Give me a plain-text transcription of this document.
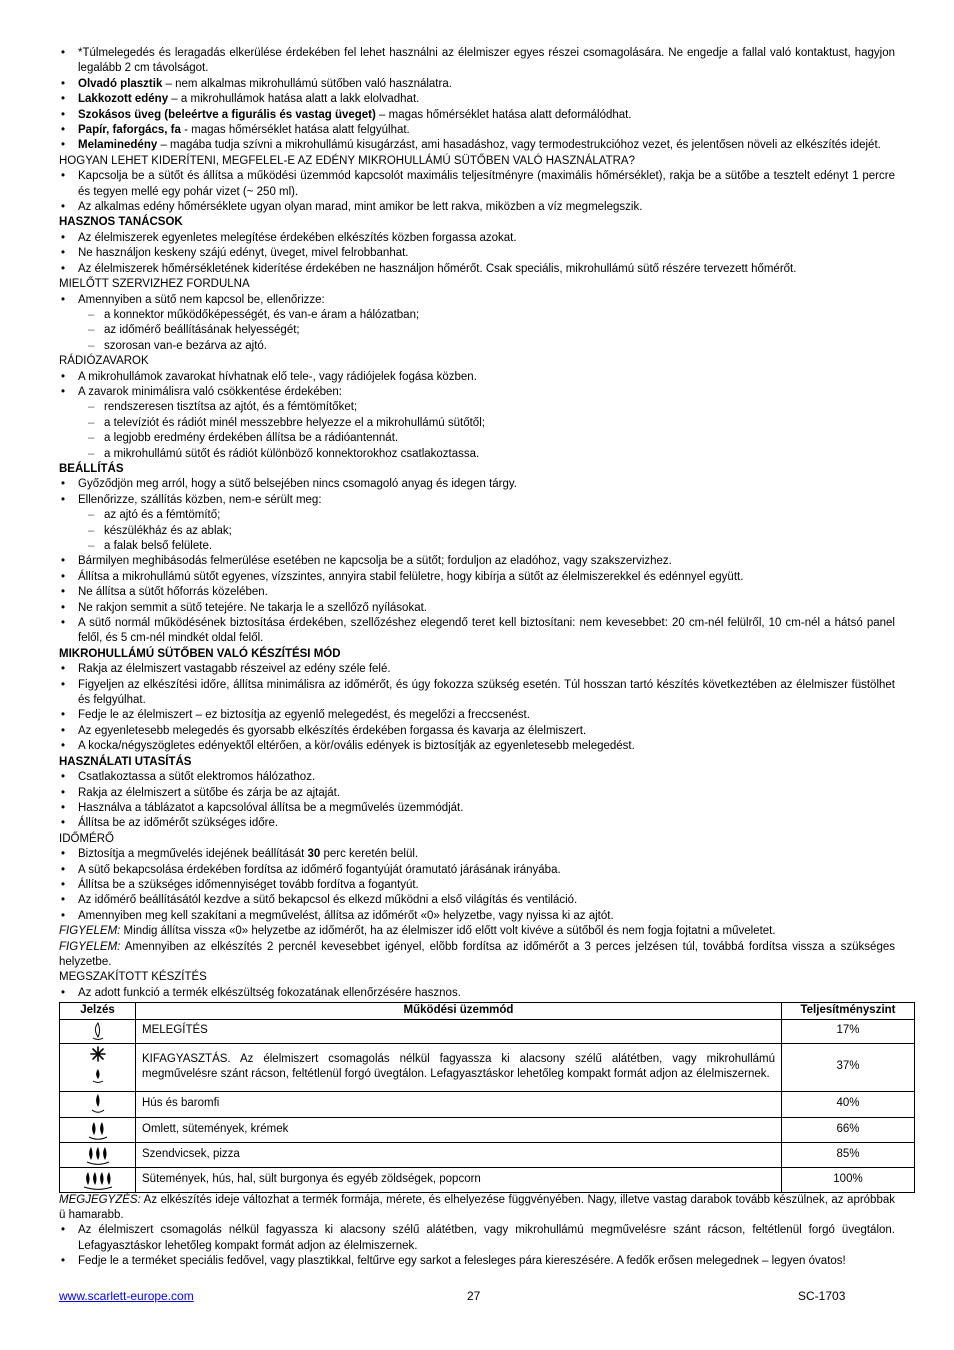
• *Túlmelegedés és leragadás elkerülése érdekében fel lehet használni az élelmiszer egyes részei csomagolására. Ne engedje a fallal való kontaktust, hagyjon legalább 2 cm távolságot.
• Olvadó plasztik – nem alkalmas mikrohullámú sütőben való használatra.
• Lakkozott edény – a mikrohullámok hatása alatt a lakk elolvadhat.
• Szokásos üveg (beleértve a figurális és vastag üveget) – magas hőmérséklet hatása alatt deformálódhat.
• Papír, faforgács, fa - magas hőmérséklet hatása alatt felgyúlhat.
• Melaminedény – magába tudja szívni a mikrohullámú kisugárzást, ami hasadáshoz, vagy termodestrukcióhoz vezet, és jelentősen növeli az elkészítés idejét.

HOGYAN LEHET KIDERÍTENI, MEGFELEL-E AZ EDÉNY MIKROHULLÁMÚ SÜTŐBEN VALÓ HASZNÁLATRA?

• Kapcsolja be a sütőt és állítsa a működési üzemmód kapcsolót maximális teljesítményre (maximális hőmérséklet), rakja be a sütőbe a tesztelt edényt 1 percre és tegyen mellé egy pohár vizet (~ 250 ml).
• Az alkalmas edény hőmérséklete ugyan olyan marad, mint amikor be lett rakva, miközben a víz megmelegszik.

HASZNOS TANÁCSOK

• Az élelmiszerek egyenletes melegítése érdekében elkészítés közben forgassa azokat.
• Ne használjon keskeny szájú edényt, üveget, mivel felrobbanhat.
• Az élelmiszerek hőmérsékletének kiderítése érdekében ne használjon hőmérőt. Csak speciális, mikrohullámú sütő részére tervezett hőmérőt.

MIELŐTT SZERVIZHEZ FORDULNA

• Amennyiben a sütő nem kapcsol be, ellenőrizze:
– a konnektor működőképességét, és van-e áram a hálózatban;
– az időmérő beállításának helyességét;
– szorosan van-e bezárva az ajtó.

RÁDIÓZAVAROK

• A mikrohullámok zavarokat hívhatnak elő tele-, vagy rádiójelek fogása közben.
• A zavarok minimálisra való csökkentése érdekében:
– rendszeresen tisztítsa az ajtót, és a fémtömítőket;
– a televíziót és rádiót minél messzebbre helyezze el a mikrohullámú sütőtől;
– a legjobb eredmény érdekében állítsa be a rádióantennát.
– a mikrohullámú sütőt és rádiót különböző konnektorokhoz csatlakoztassa.

BEÁLLÍTÁS

• Győződjön meg arról, hogy a sütő belsejében nincs csomagoló anyag és idegen tárgy.
• Ellenőrizze, szállítás közben, nem-e sérült meg:
– az ajtó és a fémtömítő;
– készülékház és az ablak;
– a falak belső felülete.
• Bármilyen meghibásodás felmerülése esetében ne kapcsolja be a sütőt; forduljon az eladóhoz, vagy szakszervizhez.
• Állítsa a mikrohullámú sütőt egyenes, vízszintes, annyira stabil felületre, hogy kibírja a sütőt az élelmiszerekkel és edénnyel együtt.
• Ne állítsa a sütőt hőforrás közelében.
• Ne rakjon semmit a sütő tetejére. Ne takarja le a szellőző nyílásokat.
• A sütő normál működésének biztosítása érdekében, szellőzéshez elegendő teret kell biztosítani: nem kevesebbet: 20 cm-nél felülről, 10 cm-nél a hátsó panel felől, és 5 cm-nél mindkét oldal felől.

MIKROHULLÁMÚ SÜTŐBEN VALÓ KÉSZÍTÉSI MÓD

• Rakja az élelmiszert vastagabb részeivel az edény széle felé.
• Figyeljen az elkészítési időre, állítsa minimálisra az időmérőt, és úgy fokozza szükség esetén. Túl hosszan tartó készítés következtében az élelmiszer füstölhet és felgyúlhat.
• Fedje le az élelmiszert – ez biztosítja az egyenlő melegedést, és megelőzi a freccsenést.
• Az egyenletesebb melegedés és gyorsabb elkészítés érdekében forgassa és kavarja az élelmiszert.
• A kocka/négyszögletes edényektől eltérően, a kör/ovális edények is biztosítják az egyenletesebb melegedést.

HASZNÁLATI UTASÍTÁS

• Csatlakoztassa a sütőt elektromos hálózathoz.
• Rakja az élelmiszert a sütőbe és zárja be az ajtaját.
• Használva a táblázatot a kapcsolóval állítsa be a megművelés üzemmódját.
• Állítsa be az időmérőt szükséges időre.

IDŐMÉRŐ

• Biztosítja a megművelés idejének beállítását 30 perc keretén belül.
• A sütő bekapcsolása érdekében fordítsa az időmérő fogantyúját óramutató járásának irányába.
• Állítsa be a szükséges időmennyiséget tovább fordítva a fogantyút.
• Az időmérő beállításától kezdve a sütő bekapcsol és elkezd működni a első világítás és ventiláció.
• Amennyiben meg kell szakítani a megművelést, állítsa az időmérőt «0» helyzetbe, vagy nyissa ki az ajtót.

FIGYELEM: Mindig állítsa vissza «0» helyzetbe az időmérőt, ha az élelmiszer idő előtt volt kivéve a sütőből és nem fogja fojtatni a műveletet.

FIGYELEM: Amennyiben az elkészítés 2 percnél kevesebbet igényel, elõbb fordítsa az időmérőt a 3 perces jelzésen túl, továbbá fordítsa vissza a szükséges helyzetbe.

MEGSZAKÍTOTT KÉSZÍTÉS

• Az adott funkció a termék elkészültség fokozatának ellenőrzésére hasznos.
Jelzés	Működési üzemmód	Teljesítményszint
	MELEGÍTÉS	17%
	KIFAGYASZTÁS. Az élelmiszert csomagolás nélkül fagyassza ki alacsony szélű alátétben, vagy mikrohullámú megművelésre szánt rácson, feltétlenül forgó üvegtálon. Lefagyasztáskor lehetőleg kompakt formát adjon az élelmiszernek.	37%
	Hús és baromfi	40%
	Omlett, sütemények, krémek	66%
	Szendvicsek, pizza	85%
	Sütemények, hús, hal, sült burgonya és egyéb zöldségek, popcorn	100%

MEGJEGYZÉS: Az elkészítés ideje változhat a termék formája, mérete, és elhelyezése függvényében. Nagy, illetve vastag darabok tovább készülnek, az apróbbak ü hamarabb.

• Az élelmiszert csomagolás nélkül fagyassza ki alacsony szélű alátétben, vagy mikrohullámú megművelésre szánt rácson, feltétlenül forgó üvegtálon. Lefagyasztáskor lehetőleg kompakt formát adjon az élelmiszernek.
• Fedje le a terméket speciális fedővel, vagy plasztikkal, feltűrve egy sarkot a felesleges pára kiereszésére. A fedők erősen melegednek – legyen óvatos!
www.scarlett-europe.com	27	SC-1703
